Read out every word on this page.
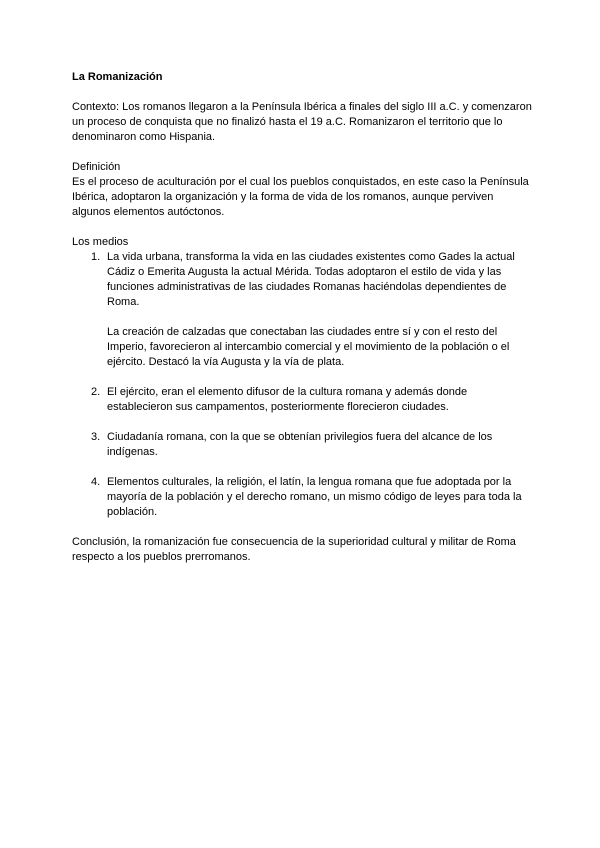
La Romanización

Contexto: Los romanos llegaron a la Península Ibérica a finales del siglo III a.C. y comenzaron un proceso de conquista que no finalizó hasta el 19 a.C. Romanizaron el territorio que lo denominaron como Hispania.

Definición

Es el proceso de aculturación por el cual los pueblos conquistados, en este caso la Península Ibérica, adoptaron la organización y la forma de vida de los romanos, aunque perviven algunos elementos autóctonos.

Los medios

1. La vida urbana, transforma la vida en las ciudades existentes como Gades la actual Cádiz o Emerita Augusta la actual Mérida. Todas adoptaron el estilo de vida y las funciones administrativas de las ciudades Romanas haciéndolas dependientes de Roma.

La creación de calzadas que conectaban las ciudades entre sí y con el resto del Imperio, favorecieron al intercambio comercial y el movimiento de la población o el ejército. Destacó la vía Augusta y la vía de plata.

2. El ejército, eran el elemento difusor de la cultura romana y además donde establecieron sus campamentos, posteriormente florecieron ciudades.

3. Ciudadanía romana, con la que se obtenían privilegios fuera del alcance de los indígenas.

4. Elementos culturales, la religión, el latín, la lengua romana que fue adoptada por la mayoría de la población y el derecho romano, un mismo código de leyes para toda la población.

Conclusión, la romanización fue consecuencia de la superioridad cultural y militar de Roma respecto a los pueblos prerromanos.
